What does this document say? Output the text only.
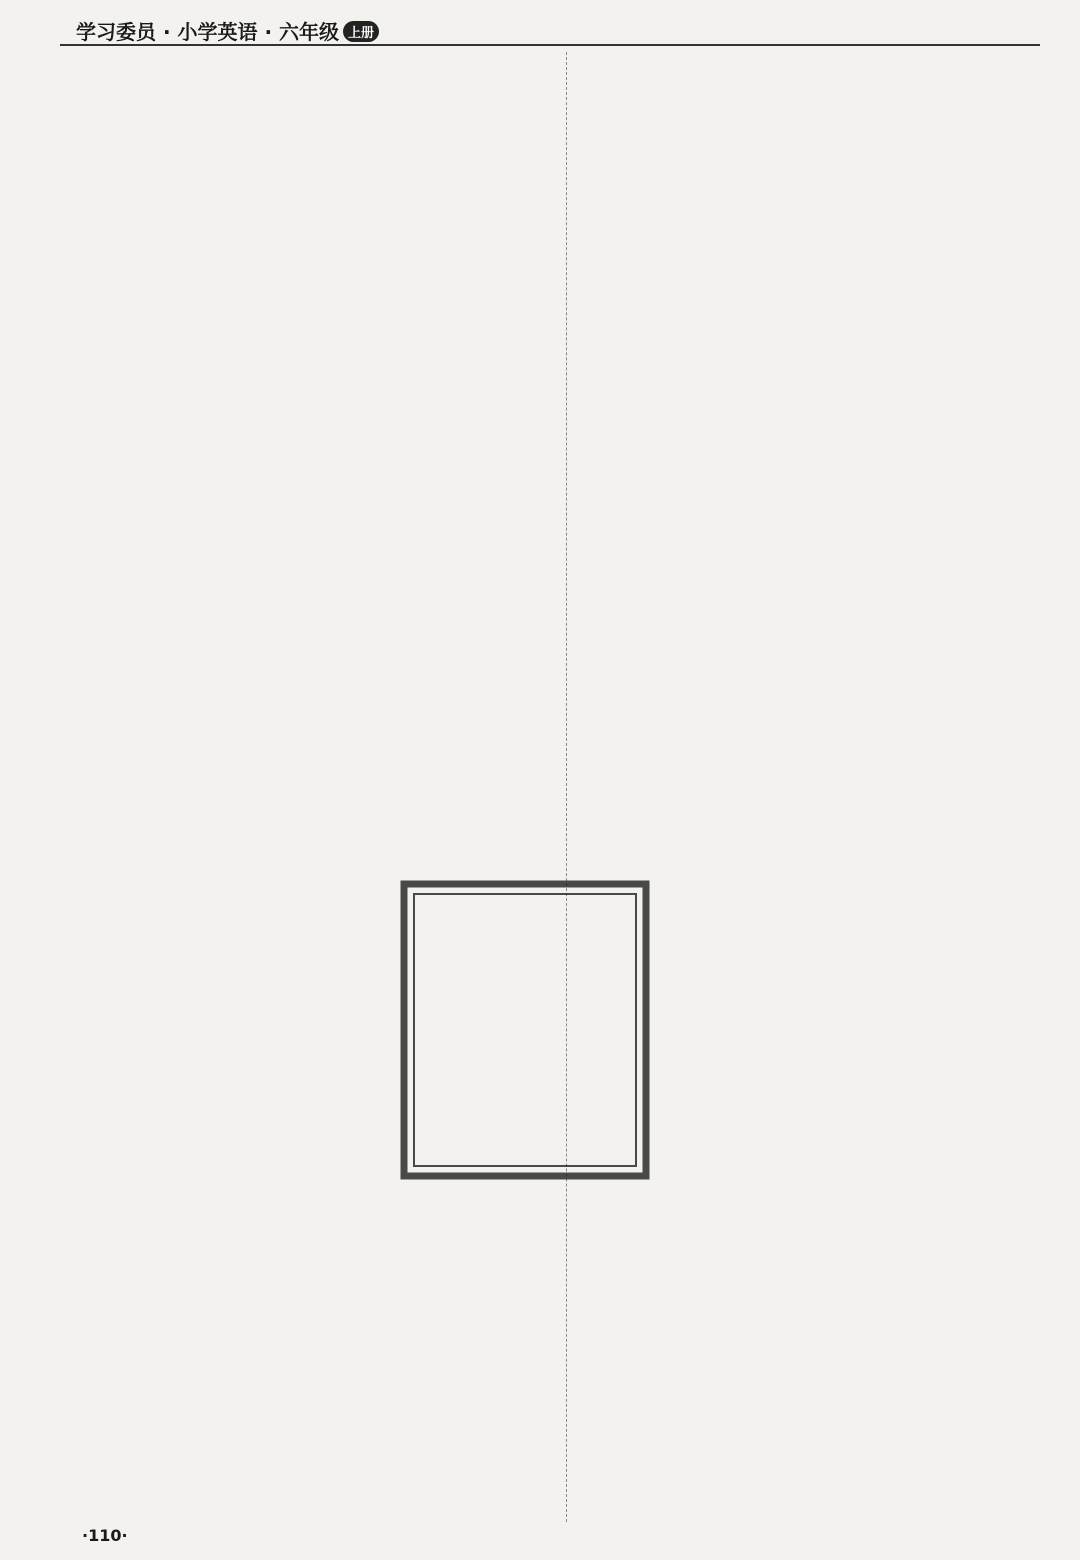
学习委员 · 小学英语 · 六年级 上册
·110·
